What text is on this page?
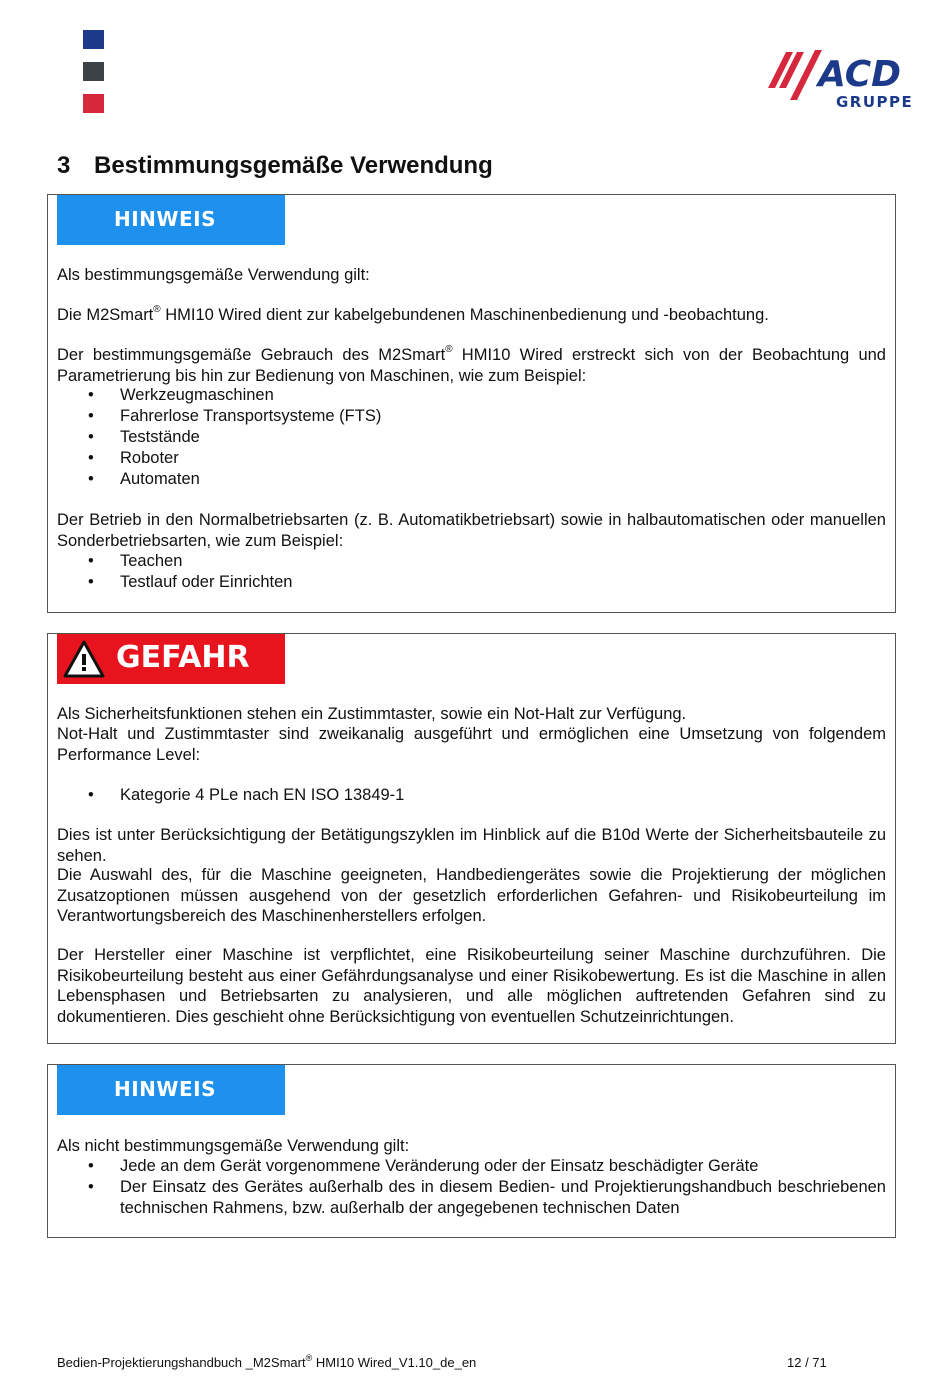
ACD
GRUPPE
3 Bestimmungsgemäße Verwendung
HINWEIS
Als bestimmungsgemäße Verwendung gilt:
Die M2Smart® HMI10 Wired dient zur kabelgebundenen Maschinenbedienung und -beobachtung.
Der bestimmungsgemäße Gebrauch des M2Smart® HMI10 Wired erstreckt sich von der Beobachtung und Parametrierung bis hin zur Bedienung von Maschinen, wie zum Beispiel:
• Werkzeugmaschinen
• Fahrerlose Transportsysteme (FTS)
• Teststände
• Roboter
• Automaten
Der Betrieb in den Normalbetriebsarten (z. B. Automatikbetriebsart) sowie in halbautomatischen oder manuellen Sonderbetriebsarten, wie zum Beispiel:
• Teachen
• Testlauf oder Einrichten
GEFAHR
Als Sicherheitsfunktionen stehen ein Zustimmtaster, sowie ein Not-Halt zur Verfügung.
Not-Halt und Zustimmtaster sind zweikanalig ausgeführt und ermöglichen eine Umsetzung von folgendem Performance Level:
• Kategorie 4 PLe nach EN ISO 13849-1
Dies ist unter Berücksichtigung der Betätigungszyklen im Hinblick auf die B10d Werte der Sicherheitsbauteile zu sehen.
Die Auswahl des, für die Maschine geeigneten, Handbediengerätes sowie die Projektierung der möglichen Zusatzoptionen müssen ausgehend von der gesetzlich erforderlichen Gefahren- und Risikobeurteilung im Verantwortungsbereich des Maschinenherstellers erfolgen.
Der Hersteller einer Maschine ist verpflichtet, eine Risikobeurteilung seiner Maschine durchzuführen. Die Risikobeurteilung besteht aus einer Gefährdungsanalyse und einer Risikobewertung. Es ist die Maschine in allen Lebensphasen und Betriebsarten zu analysieren, und alle möglichen auftretenden Gefahren sind zu dokumentieren. Dies geschieht ohne Berücksichtigung von eventuellen Schutzeinrichtungen.
HINWEIS
Als nicht bestimmungsgemäße Verwendung gilt:
• Jede an dem Gerät vorgenommene Veränderung oder der Einsatz beschädigter Geräte
• Der Einsatz des Gerätes außerhalb des in diesem Bedien- und Projektierungshandbuch beschriebenen technischen Rahmens, bzw. außerhalb der angegebenen technischen Daten
Bedien-Projektierungshandbuch _M2Smart® HMI10 Wired_V1.10_de_en	12 / 71
